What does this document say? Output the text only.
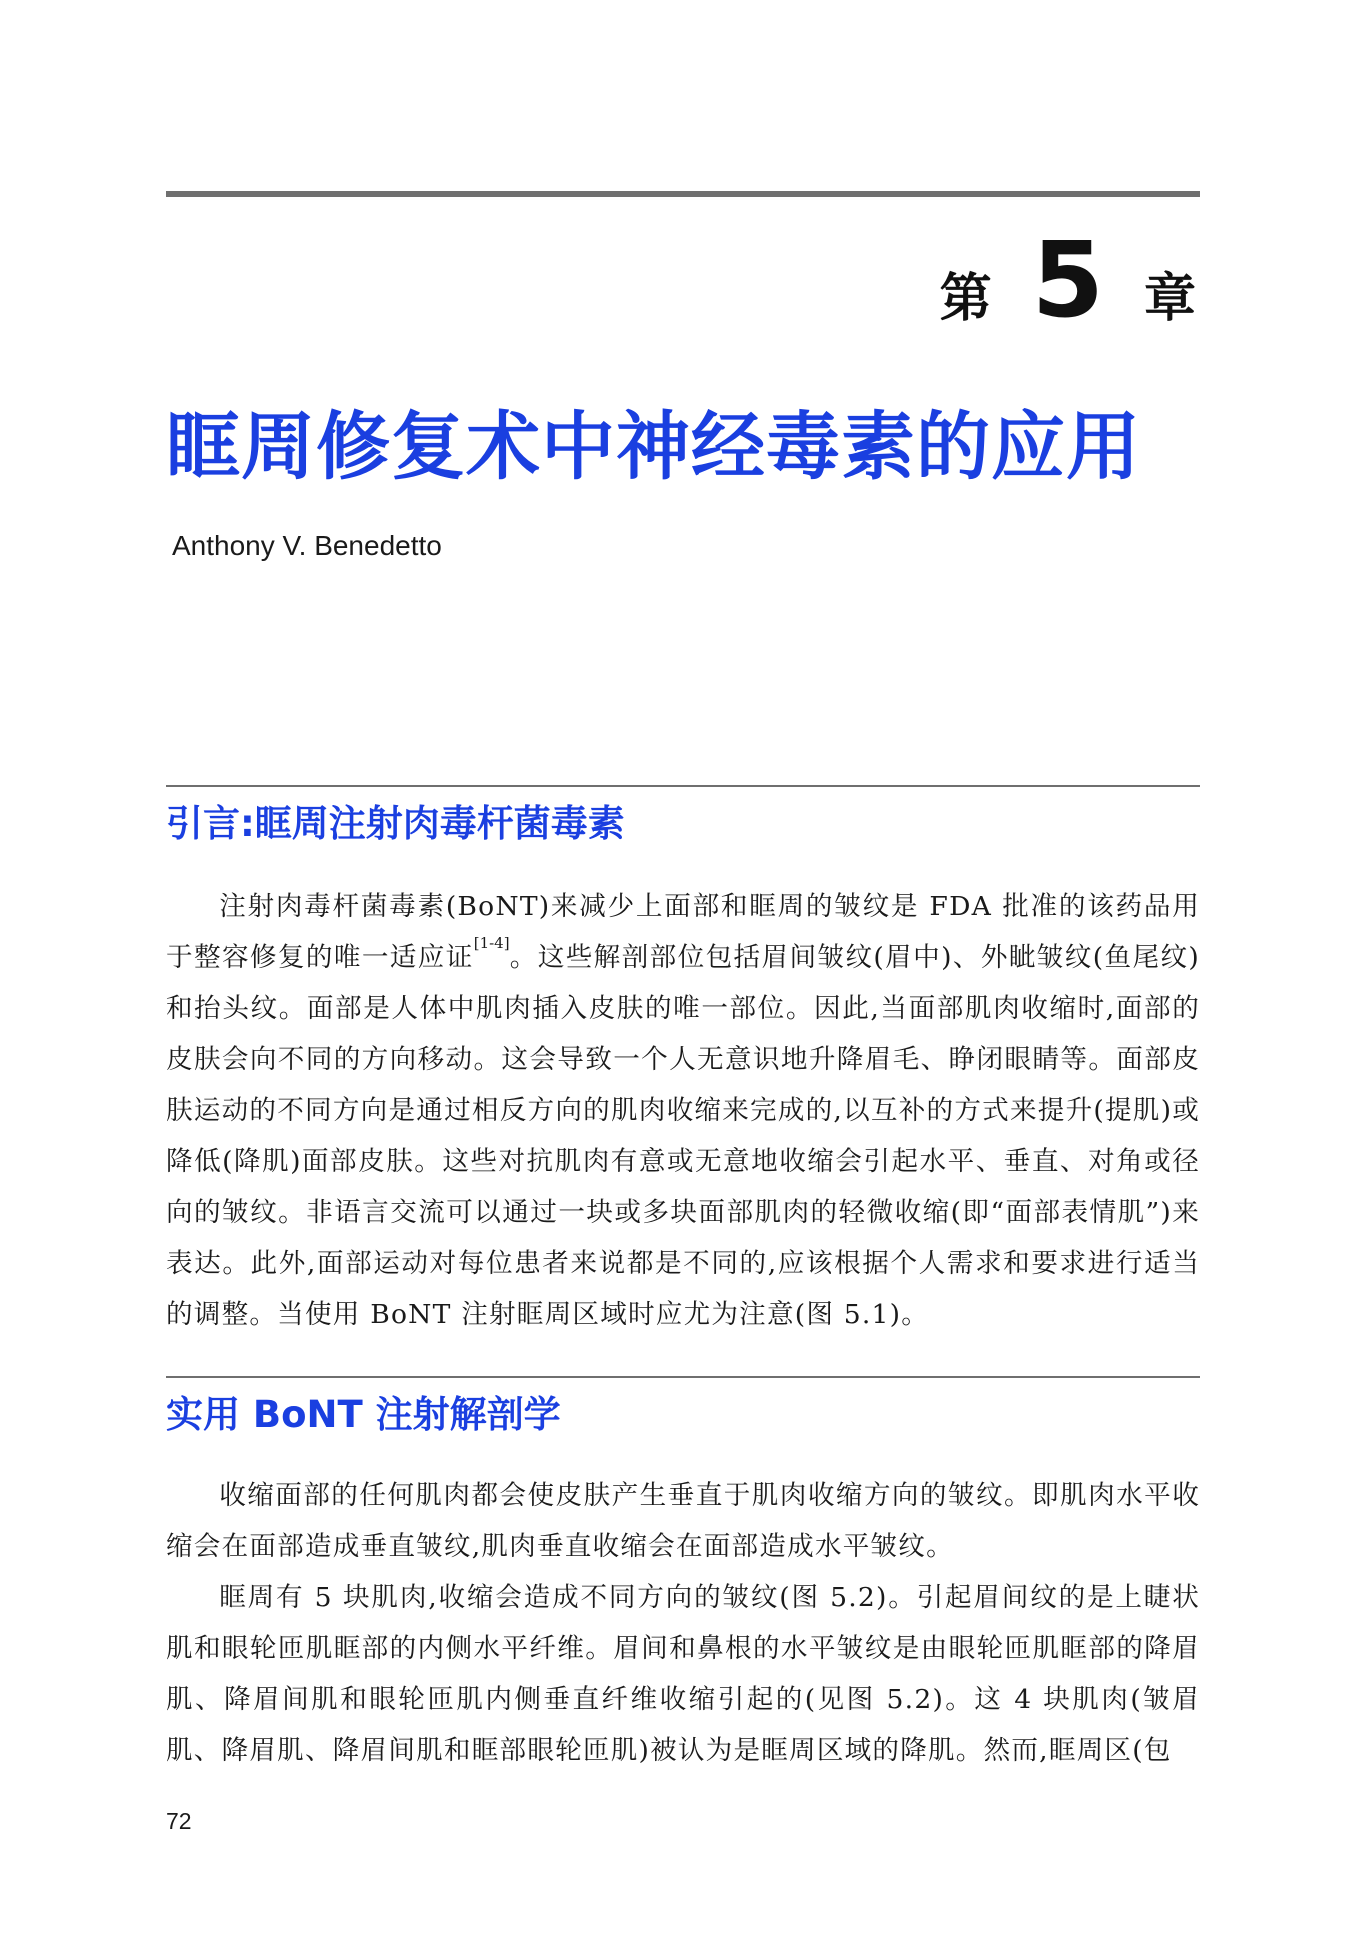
第 5 章
眶周修复术中神经毒素的应用
Anthony V. Benedetto
引言:眶周注射肉毒杆菌毒素

注射肉毒杆菌毒素(BoNT)来减少上面部和眶周的皱纹是 FDA 批准的该药品用于整容修复的唯一适应证[1-4]。这些解剖部位包括眉间皱纹(眉中)、外眦皱纹(鱼尾纹)和抬头纹。面部是人体中肌肉插入皮肤的唯一部位。因此,当面部肌肉收缩时,面部的皮肤会向不同的方向移动。这会导致一个人无意识地升降眉毛、睁闭眼睛等。面部皮肤运动的不同方向是通过相反方向的肌肉收缩来完成的,以互补的方式来提升(提肌)或降低(降肌)面部皮肤。这些对抗肌肉有意或无意地收缩会引起水平、垂直、对角或径向的皱纹。非语言交流可以通过一块或多块面部肌肉的轻微收缩(即“面部表情肌”)来表达。此外,面部运动对每位患者来说都是不同的,应该根据个人需求和要求进行适当的调整。当使用 BoNT 注射眶周区域时应尤为注意(图 5.1)。

实用 BoNT 注射解剖学

收缩面部的任何肌肉都会使皮肤产生垂直于肌肉收缩方向的皱纹。即肌肉水平收缩会在面部造成垂直皱纹,肌肉垂直收缩会在面部造成水平皱纹。

眶周有 5 块肌肉,收缩会造成不同方向的皱纹(图 5.2)。引起眉间纹的是上睫状肌和眼轮匝肌眶部的内侧水平纤维。眉间和鼻根的水平皱纹是由眼轮匝肌眶部的降眉肌、降眉间肌和眼轮匝肌内侧垂直纤维收缩引起的(见图 5.2)。这 4 块肌肉(皱眉肌、降眉肌、降眉间肌和眶部眼轮匝肌)被认为是眶周区域的降肌。然而,眶周区(包

72
